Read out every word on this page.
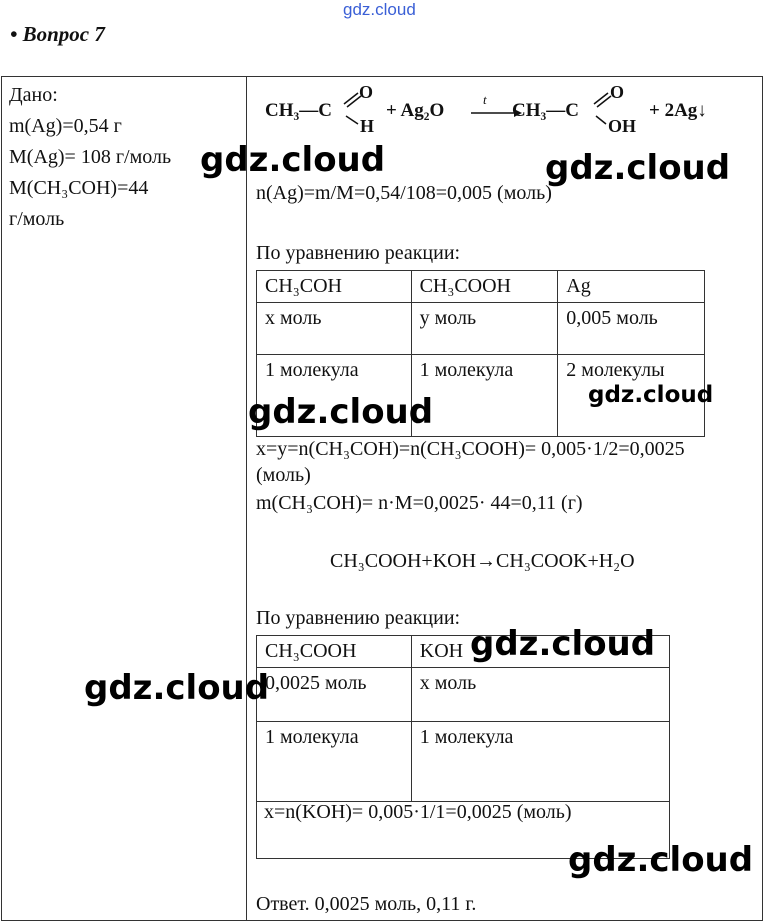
gdz.cloud
• Вопрос 7
Дано:
m(Ag)=0,54 г
M(Ag)= 108 г/моль
M(CH₃COH)=44
г/моль
CH₃—C
O
H
+ Ag₂O
t
CH₃—C
O
OH
+ 2Ag↓
n(Ag)=m/M=0,54/108=0,005 (моль)
По уравнению реакции:
CH₃COH	CH₃COOH	Ag
x моль	y моль	0,005 моль
1 молекула	1 молекула	2 молекулы
x=y=n(CH₃COH)=n(CH₃COOH)= 0,005·1/2=0,0025
(моль)
m(CH₃COH)= n·M=0,0025· 44=0,11 (г)
CH₃COOH+KOH→CH₃COOK+H₂O
По уравнению реакции:
CH₃COOH	KOH
0,0025 моль	x моль
1 молекула	1 молекула
x=n(KOH)= 0,005·1/1=0,0025 (моль)
Ответ. 0,0025 моль, 0,11 г.
gdz.cloud	gdz.cloud
gdz.cloud
gdz.cloud
gdz.cloud
gdz.cloud
gdz.cloud
